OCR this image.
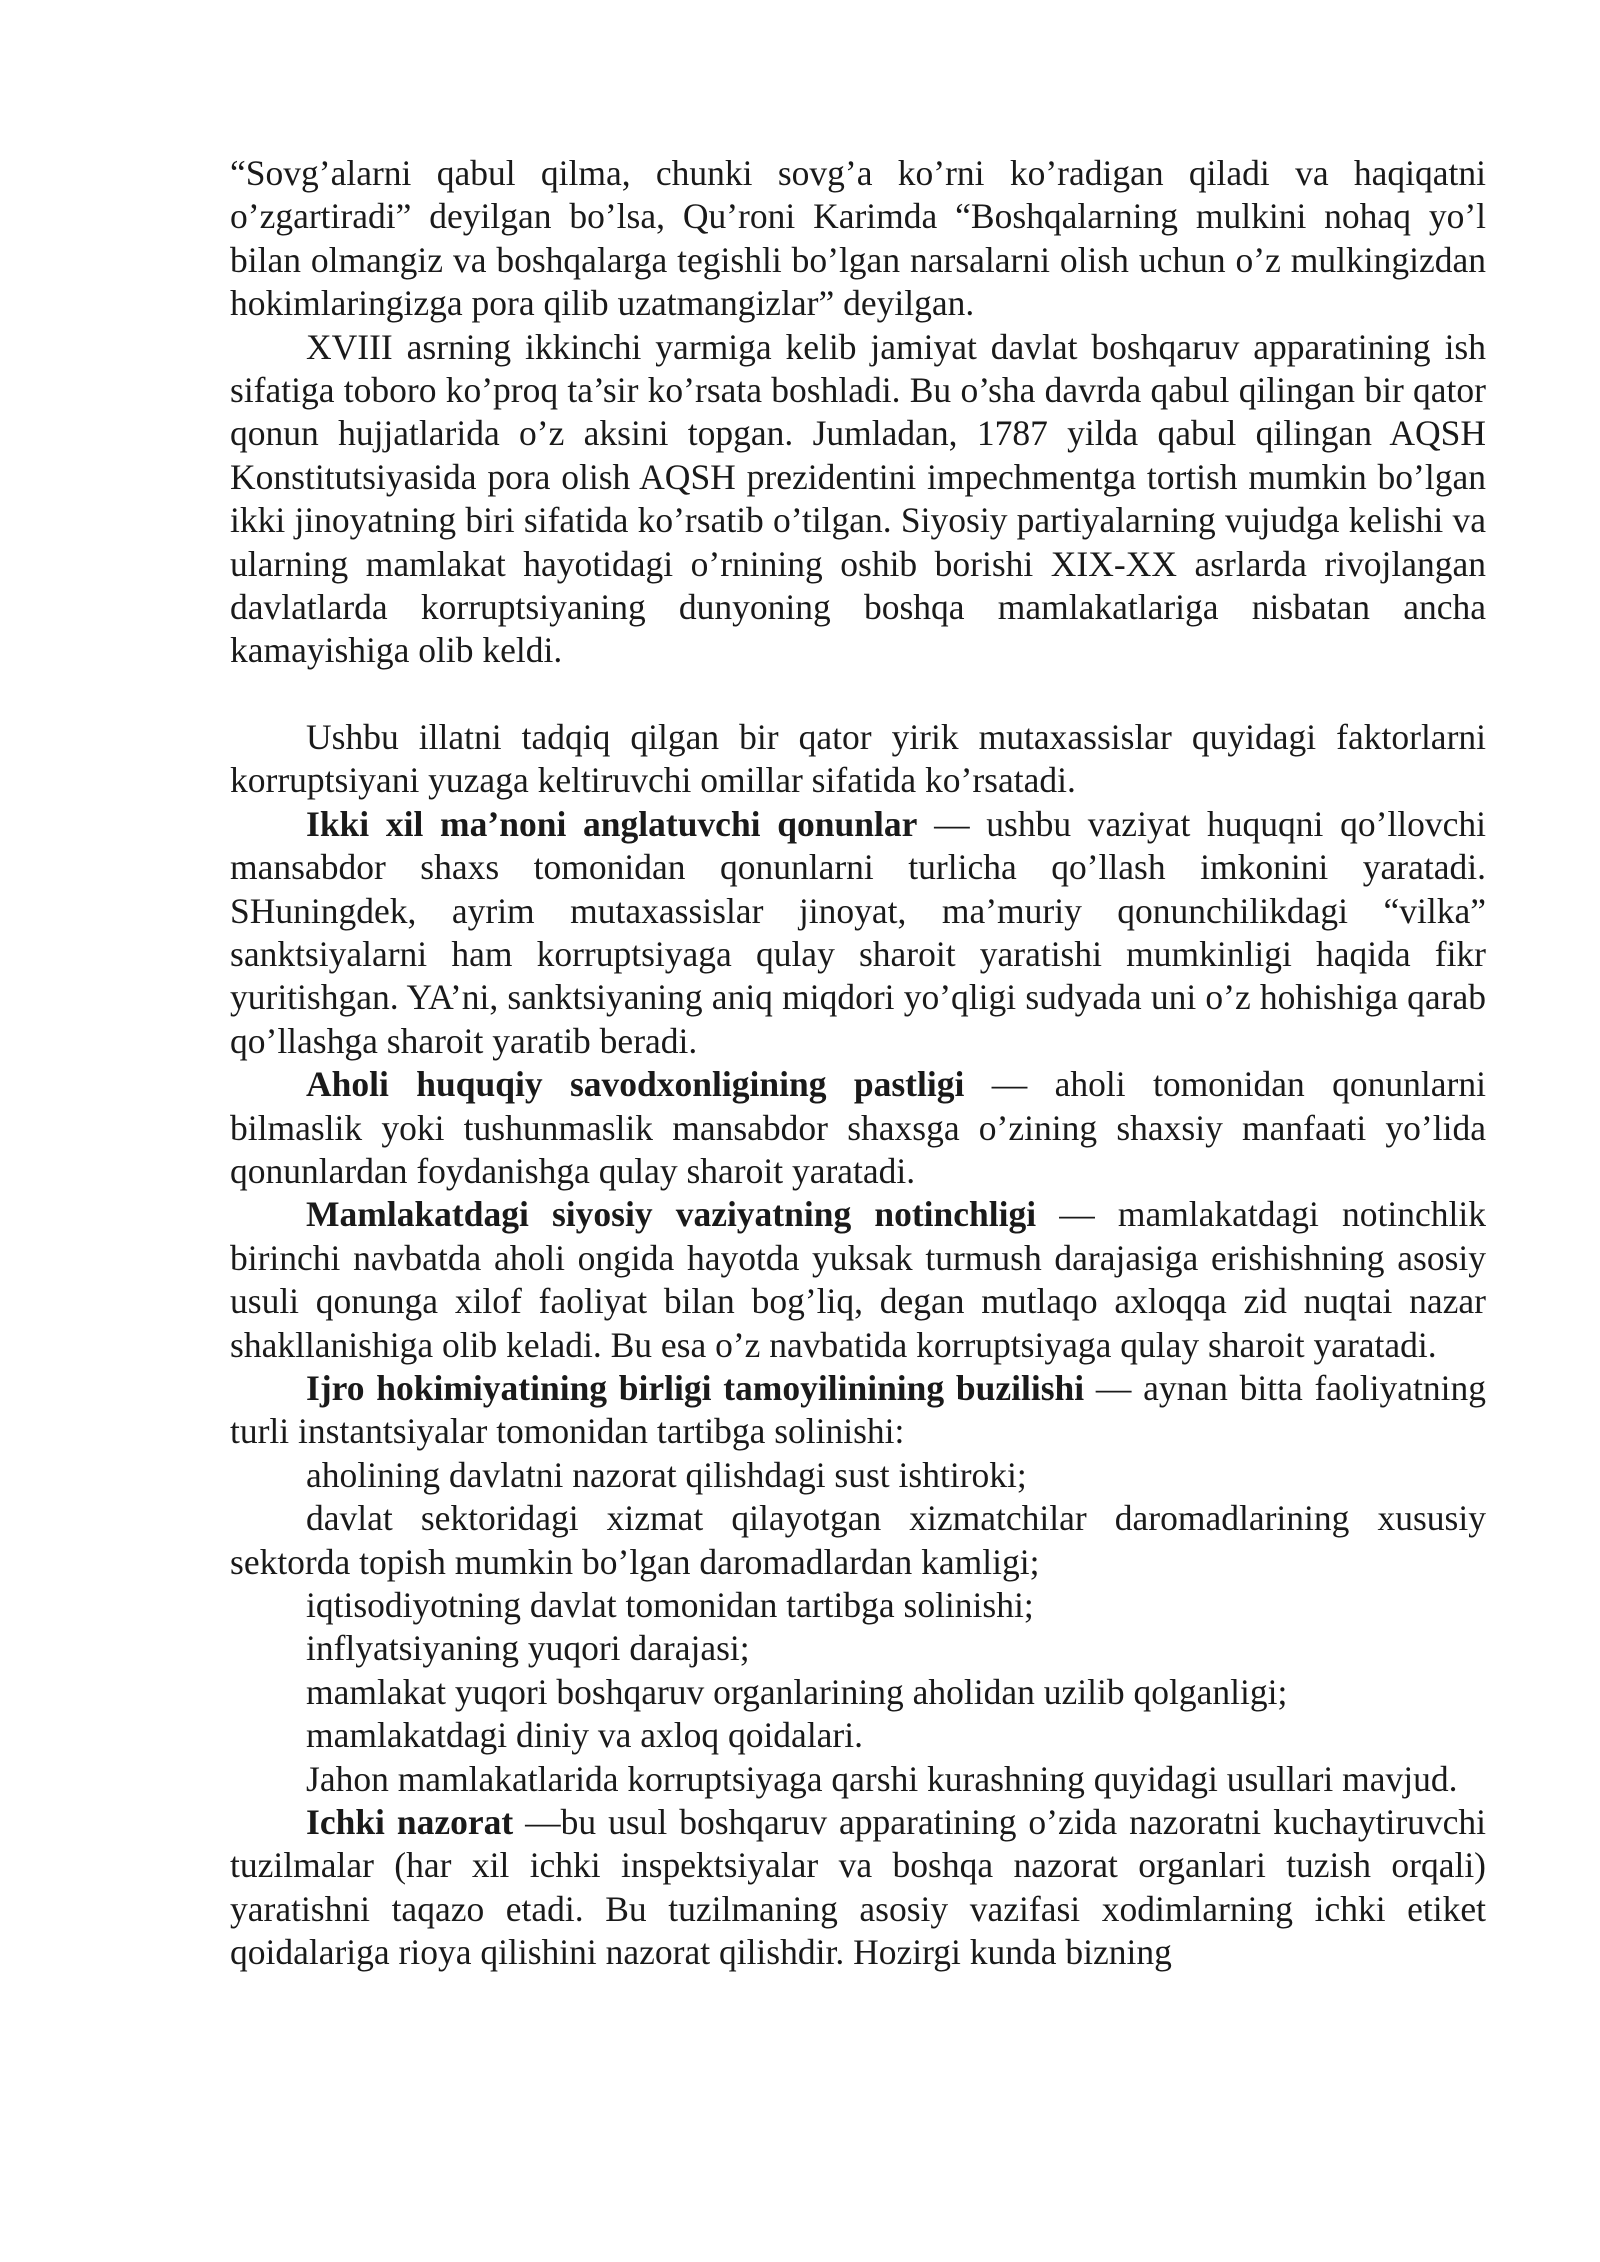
“Sovg’alarni qabul qilma, chunki sovg’a ko’rni ko’radigan qiladi va haqiqatni o’zgartiradi” deyilgan bo’lsa, Qu’roni Karimda “Boshqalarning mulkini nohaq yo’l bilan olmangiz va boshqalarga tegishli bo’lgan narsalarni olish uchun o’z mulkingizdan hokimlaringizga pora qilib uzatmangizlar” deyilgan.

XVIII asrning ikkinchi yarmiga kelib jamiyat davlat boshqaruv apparatining ish sifatiga toboro ko’proq ta’sir ko’rsata boshladi. Bu o’sha davrda qabul qilingan bir qator qonun hujjatlarida o’z aksini topgan. Jumladan, 1787 yilda qabul qilingan AQSH Konstitutsiyasida pora olish AQSH prezidentini impechmentga tortish mumkin bo’lgan ikki jinoyatning biri sifatida ko’rsatib o’tilgan. Siyosiy partiyalarning vujudga kelishi va ularning mamlakat hayotidagi o’rnining oshib borishi XIX-XX asrlarda rivojlangan davlatlarda korruptsiyaning dunyoning boshqa mamlakatlariga nisbatan ancha kamayishiga olib keldi.

Ushbu illatni tadqiq qilgan bir qator yirik mutaxassislar quyidagi faktorlarni korruptsiyani yuzaga keltiruvchi omillar sifatida ko’rsatadi.

Ikki xil ma’noni anglatuvchi qonunlar — ushbu vaziyat huquqni qo’llovchi mansabdor shaxs tomonidan qonunlarni turlicha qo’llash imkonini yaratadi. SHuningdek, ayrim mutaxassislar jinoyat, ma’muriy qonunchilikdagi “vilka” sanktsiyalarni ham korruptsiyaga qulay sharoit yaratishi mumkinligi haqida fikr yuritishgan. YA’ni, sanktsiyaning aniq miqdori yo’qligi sudyada uni o’z hohishiga qarab qo’llashga sharoit yaratib beradi.

Aholi huquqiy savodxonligining pastligi — aholi tomonidan qonunlarni bilmaslik yoki tushunmaslik mansabdor shaxsga o’zining shaxsiy manfaati yo’lida qonunlardan foydanishga qulay sharoit yaratadi.

Mamlakatdagi siyosiy vaziyatning notinchligi — mamlakatdagi notinchlik birinchi navbatda aholi ongida hayotda yuksak turmush darajasiga erishishning asosiy usuli qonunga xilof faoliyat bilan bog’liq, degan mutlaqo axloqqa zid nuqtai nazar shakllanishiga olib keladi. Bu esa o’z navbatida korruptsiyaga qulay sharoit yaratadi.

Ijro hokimiyatining birligi tamoyilinining buzilishi — aynan bitta faoliyatning turli instantsiyalar tomonidan tartibga solinishi:

aholining davlatni nazorat qilishdagi sust ishtiroki;

davlat sektoridagi xizmat qilayotgan xizmatchilar daromadlarining xususiy sektorda topish mumkin bo’lgan daromadlardan kamligi;

iqtisodiyotning davlat tomonidan tartibga solinishi;

inflyatsiyaning yuqori darajasi;

mamlakat yuqori boshqaruv organlarining aholidan uzilib qolganligi;

mamlakatdagi diniy va axloq qoidalari.

Jahon mamlakatlarida korruptsiyaga qarshi kurashning quyidagi usullari mavjud.

Ichki nazorat —bu usul boshqaruv apparatining o’zida nazoratni kuchaytiruvchi tuzilmalar (har xil ichki inspektsiyalar va boshqa nazorat organlari tuzish orqali) yaratishni taqazo etadi. Bu tuzilmaning asosiy vazifasi xodimlarning ichki etiket qoidalariga rioya qilishini nazorat qilishdir. Hozirgi kunda bizning
